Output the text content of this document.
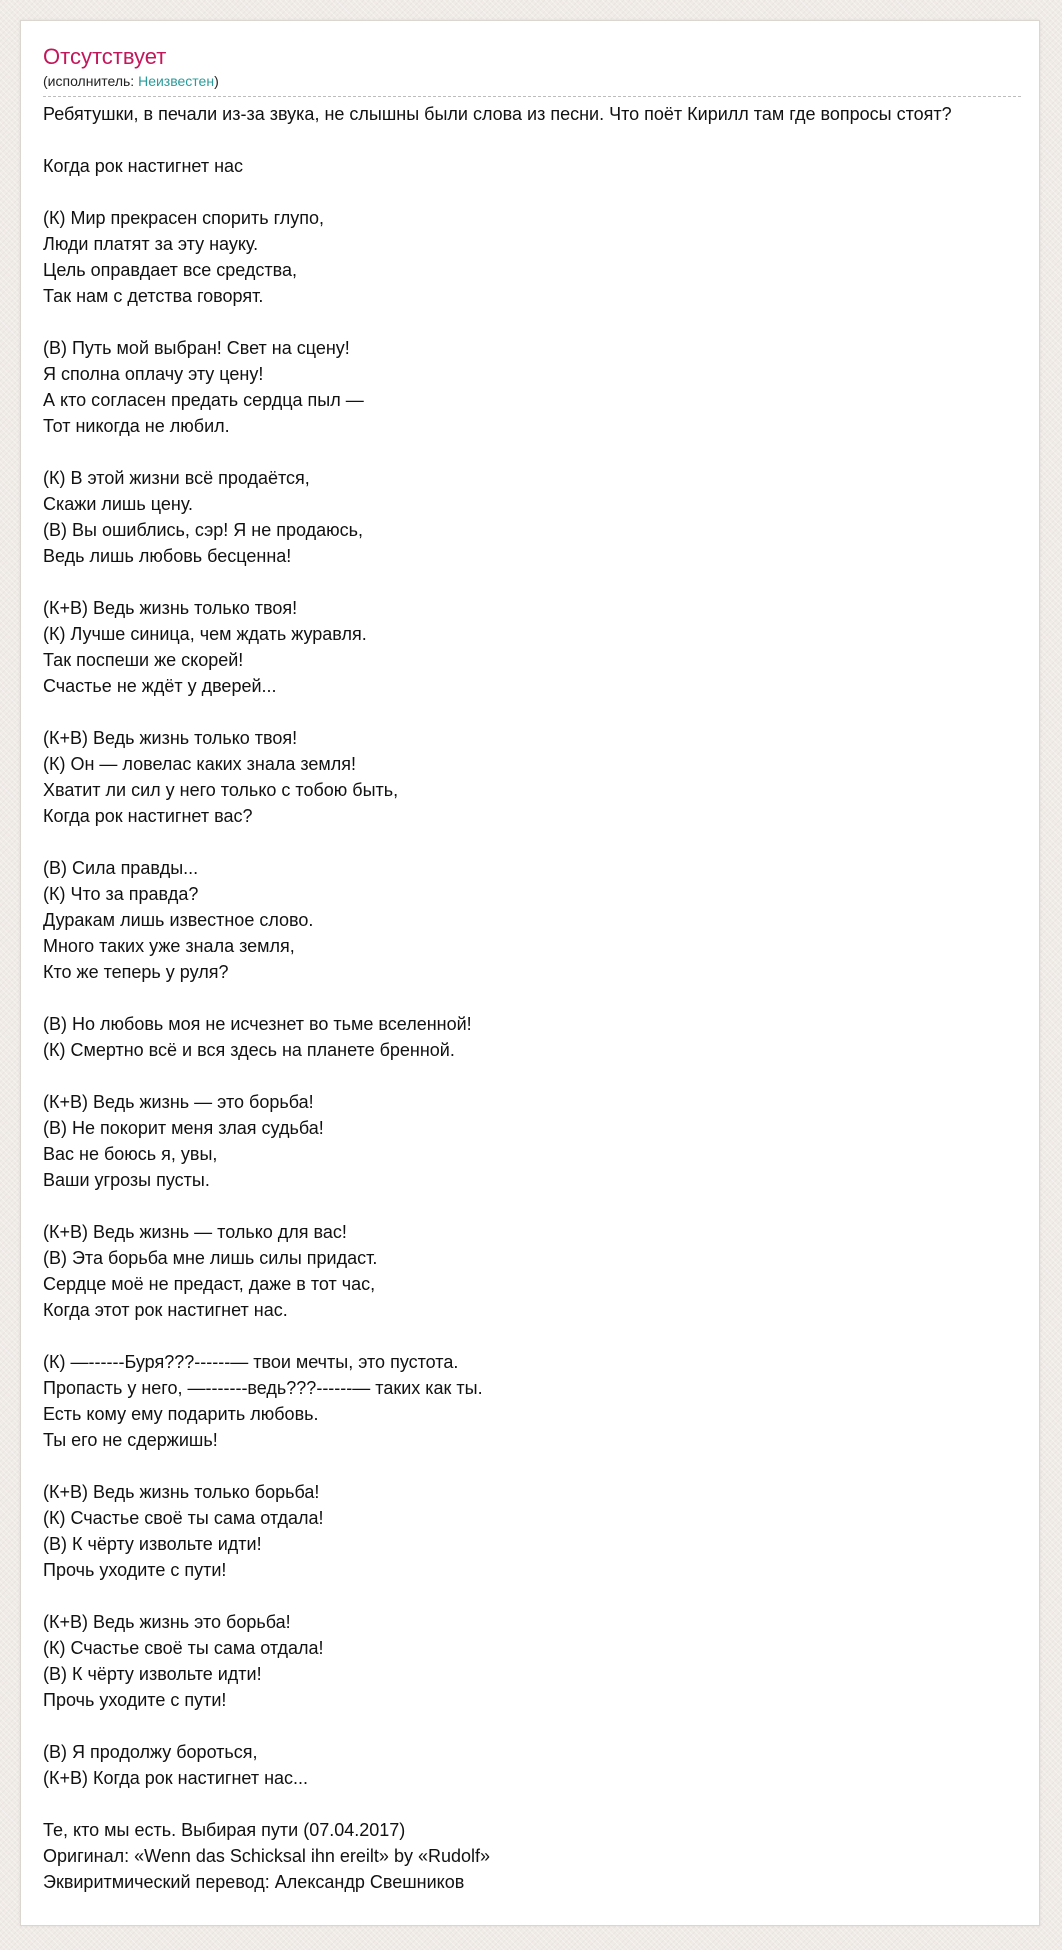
Отсутствует
(исполнитель: Неизвестен)
Ребятушки, в печали из-за звука, не слышны были слова из песни. Что поёт Кирилл там где вопросы стоят?

Когда рок настигнет нас

(К) Мир прекрасен спорить глупо,
Люди платят за эту науку.
Цель оправдает все средства,
Так нам с детства говорят.

(В) Путь мой выбран! Свет на сцену!
Я сполна оплачу эту цену!
А кто согласен предать сердца пыл —
Тот никогда не любил.

(К) В этой жизни всё продаётся,
Скажи лишь цену.
(В) Вы ошиблись, сэр! Я не продаюсь,
Ведь лишь любовь бесценна!

(К+В) Ведь жизнь только твоя!
(К) Лучше синица, чем ждать журавля.
Так поспеши же скорей!
Счастье не ждёт у дверей...

(К+В) Ведь жизнь только твоя!
(К) Он — ловелас каких знала земля!
Хватит ли сил у него только с тобою быть,
Когда рок настигнет вас?

(В) Сила правды...
(К) Что за правда?
Дуракам лишь известное слово.
Много таких уже знала земля,
Кто же теперь у руля?

(В) Но любовь моя не исчезнет во тьме вселенной!
(К) Смертно всё и вся здесь на планете бренной.

(К+В) Ведь жизнь — это борьба!
(В) Не покорит меня злая судьба!
Вас не боюсь я, увы,
Ваши угрозы пусты.

(К+В) Ведь жизнь — только для вас!
(В) Эта борьба мне лишь силы придаст.
Сердце моё не предаст, даже в тот час,
Когда этот рок настигнет нас.

(К) —------Буря???------— твои мечты, это пустота.
Пропасть у него, —-------ведь???------— таких как ты.
Есть кому ему подарить любовь.
Ты его не сдержишь!

(К+В) Ведь жизнь только борьба!
(К) Счастье своё ты сама отдала!
(В) К чёрту извольте идти!
Прочь уходите с пути!

(К+В) Ведь жизнь это борьба!
(К) Счастье своё ты сама отдала!
(В) К чёрту извольте идти!
Прочь уходите с пути!

(В) Я продолжу бороться,
(К+В) Когда рок настигнет нас...

Те, кто мы есть. Выбирая пути (07.04.2017)
Оригинал: «Wenn das Schicksal ihn ereilt» by «Rudolf»
Эквиритмический перевод: Александр Свешников
